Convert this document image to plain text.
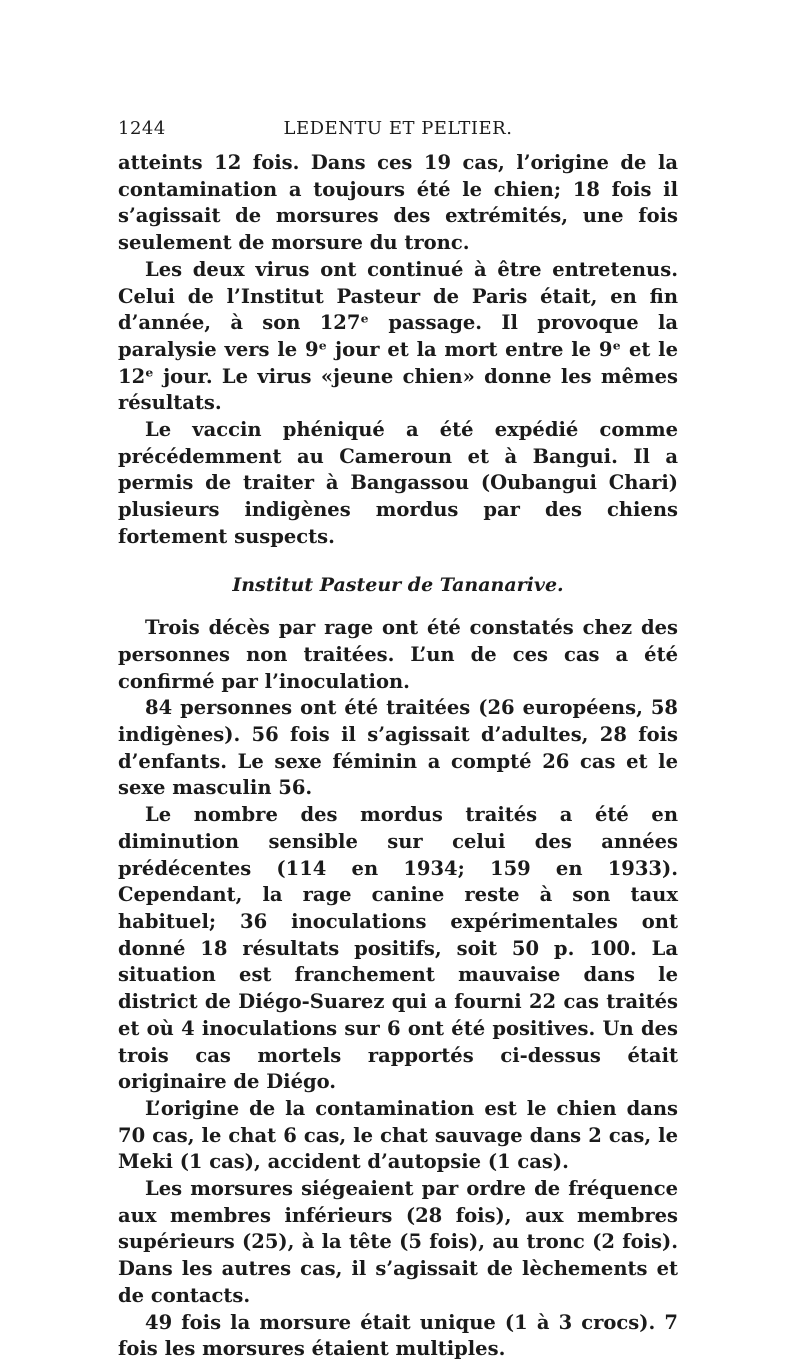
1244	LEDENTU ET PELTIER.

atteints 12 fois. Dans ces 19 cas, l’origine de la contamination a toujours été le chien; 18 fois il s’agissait de morsures des extrémités, une fois seulement de morsure du tronc.

Les deux virus ont continué à être entretenus. Celui de l’Institut Pasteur de Paris était, en fin d’année, à son 127ᵉ passage. Il provoque la paralysie vers le 9ᵉ jour et la mort entre le 9ᵉ et le 12ᵉ jour. Le virus «jeune chien» donne les mêmes résultats.

Le vaccin phéniqué a été expédié comme précédemment au Cameroun et à Bangui. Il a permis de traiter à Bangassou (Oubangui Chari) plusieurs indigènes mordus par des chiens fortement suspects.

Institut Pasteur de Tananarive.

Trois décès par rage ont été constatés chez des personnes non traitées. L’un de ces cas a été confirmé par l’inoculation.

84 personnes ont été traitées (26 européens, 58 indigènes). 56 fois il s’agissait d’adultes, 28 fois d’enfants. Le sexe féminin a compté 26 cas et le sexe masculin 56.

Le nombre des mordus traités a été en diminution sensible sur celui des années prédécentes (114 en 1934; 159 en 1933). Cependant, la rage canine reste à son taux habituel; 36 inoculations expérimentales ont donné 18 résultats positifs, soit 50 p. 100. La situation est franchement mauvaise dans le district de Diégo-Suarez qui a fourni 22 cas traités et où 4 inoculations sur 6 ont été positives. Un des trois cas mortels rapportés ci-dessus était originaire de Diégo.

L’origine de la contamination est le chien dans 70 cas, le chat 6 cas, le chat sauvage dans 2 cas, le Meki (1 cas), accident d’autopsie (1 cas).

Les morsures siégeaient par ordre de fréquence aux membres inférieurs (28 fois), aux membres supérieurs (25), à la tête (5 fois), au tronc (2 fois). Dans les autres cas, il s’agissait de lèchements et de contacts.

49 fois la morsure était unique (1 à 3 crocs). 7 fois les morsures étaient multiples.
